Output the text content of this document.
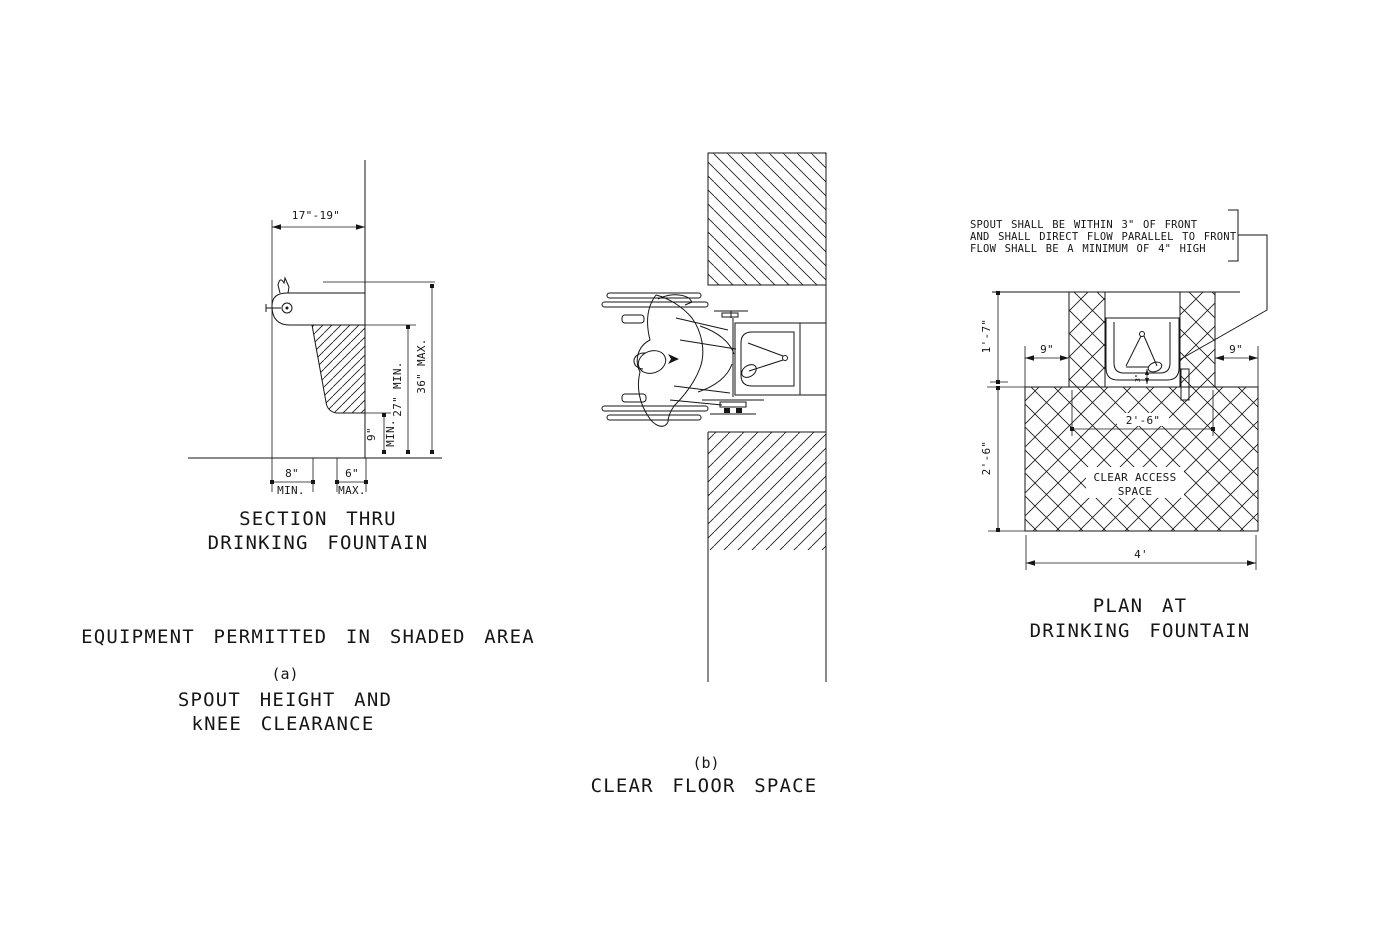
17"-19"
9" MIN.
27" MIN. 36" MAX.
8"
MIN.
6"
MAX.
SECTION THRU
DRINKING FOUNTAIN
EQUIPMENT PERMITTED IN SHADED AREA
(a)
SPOUT HEIGHT AND
kNEE CLEARANCE
(b)
CLEAR FLOOR SPACE
SPOUT SHALL BE WITHIN 3" OF FRONT
AND SHALL DIRECT FLOW PARALLEL TO FRONT
FLOW SHALL BE A MINIMUM OF 4" HIGH
3"
CLEAR ACCESS
SPACE
1'-7"
2'-6"
9"	9"
2'-6"
4'
PLAN AT
DRINKING FOUNTAIN
